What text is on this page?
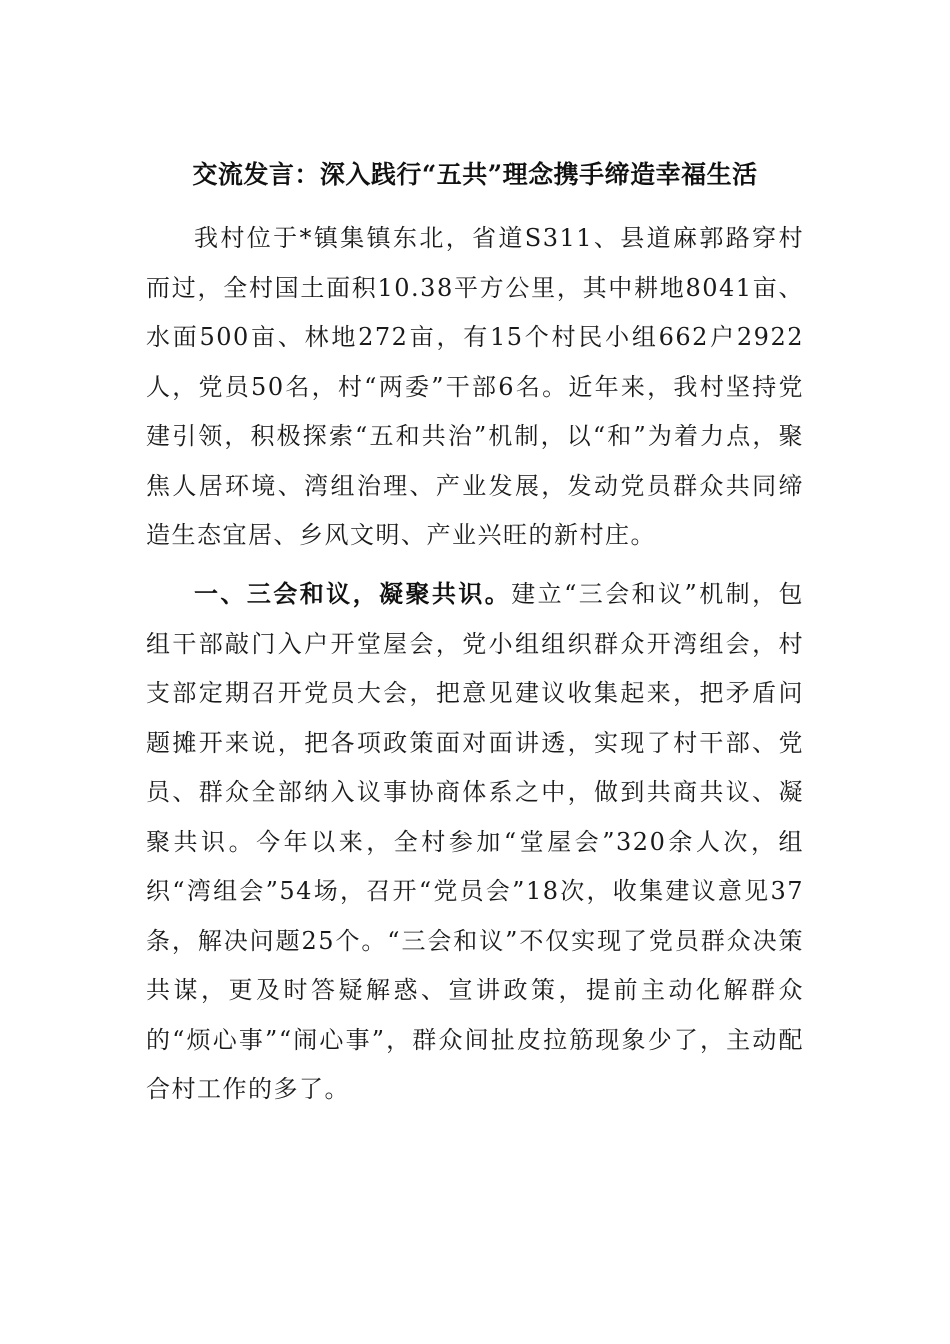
交流发言：深入践行“五共”理念携手缔造幸福生活

我村位于*镇集镇东北，省道S311、县道麻郭路穿村而过，全村国土面积10.38平方公里，其中耕地8041亩、水面500亩、林地272亩，有15个村民小组662户2922人，党员50名，村“两委”干部6名。近年来，我村坚持党建引领，积极探索“五和共治”机制，以“和”为着力点，聚焦人居环境、湾组治理、产业发展，发动党员群众共同缔造生态宜居、乡风文明、产业兴旺的新村庄。

一、三会和议，凝聚共识。建立“三会和议”机制，包组干部敲门入户开堂屋会，党小组组织群众开湾组会，村支部定期召开党员大会，把意见建议收集起来，把矛盾问题摊开来说，把各项政策面对面讲透，实现了村干部、党员、群众全部纳入议事协商体系之中，做到共商共议、凝聚共识。今年以来，全村参加“堂屋会”320余人次，组织“湾组会”54场，召开“党员会”18次，收集建议意见37条，解决问题25个。“三会和议”不仅实现了党员群众决策共谋，更及时答疑解惑、宣讲政策，提前主动化解群众的“烦心事”“闹心事”，群众间扯皮拉筋现象少了，主动配合村工作的多了。
